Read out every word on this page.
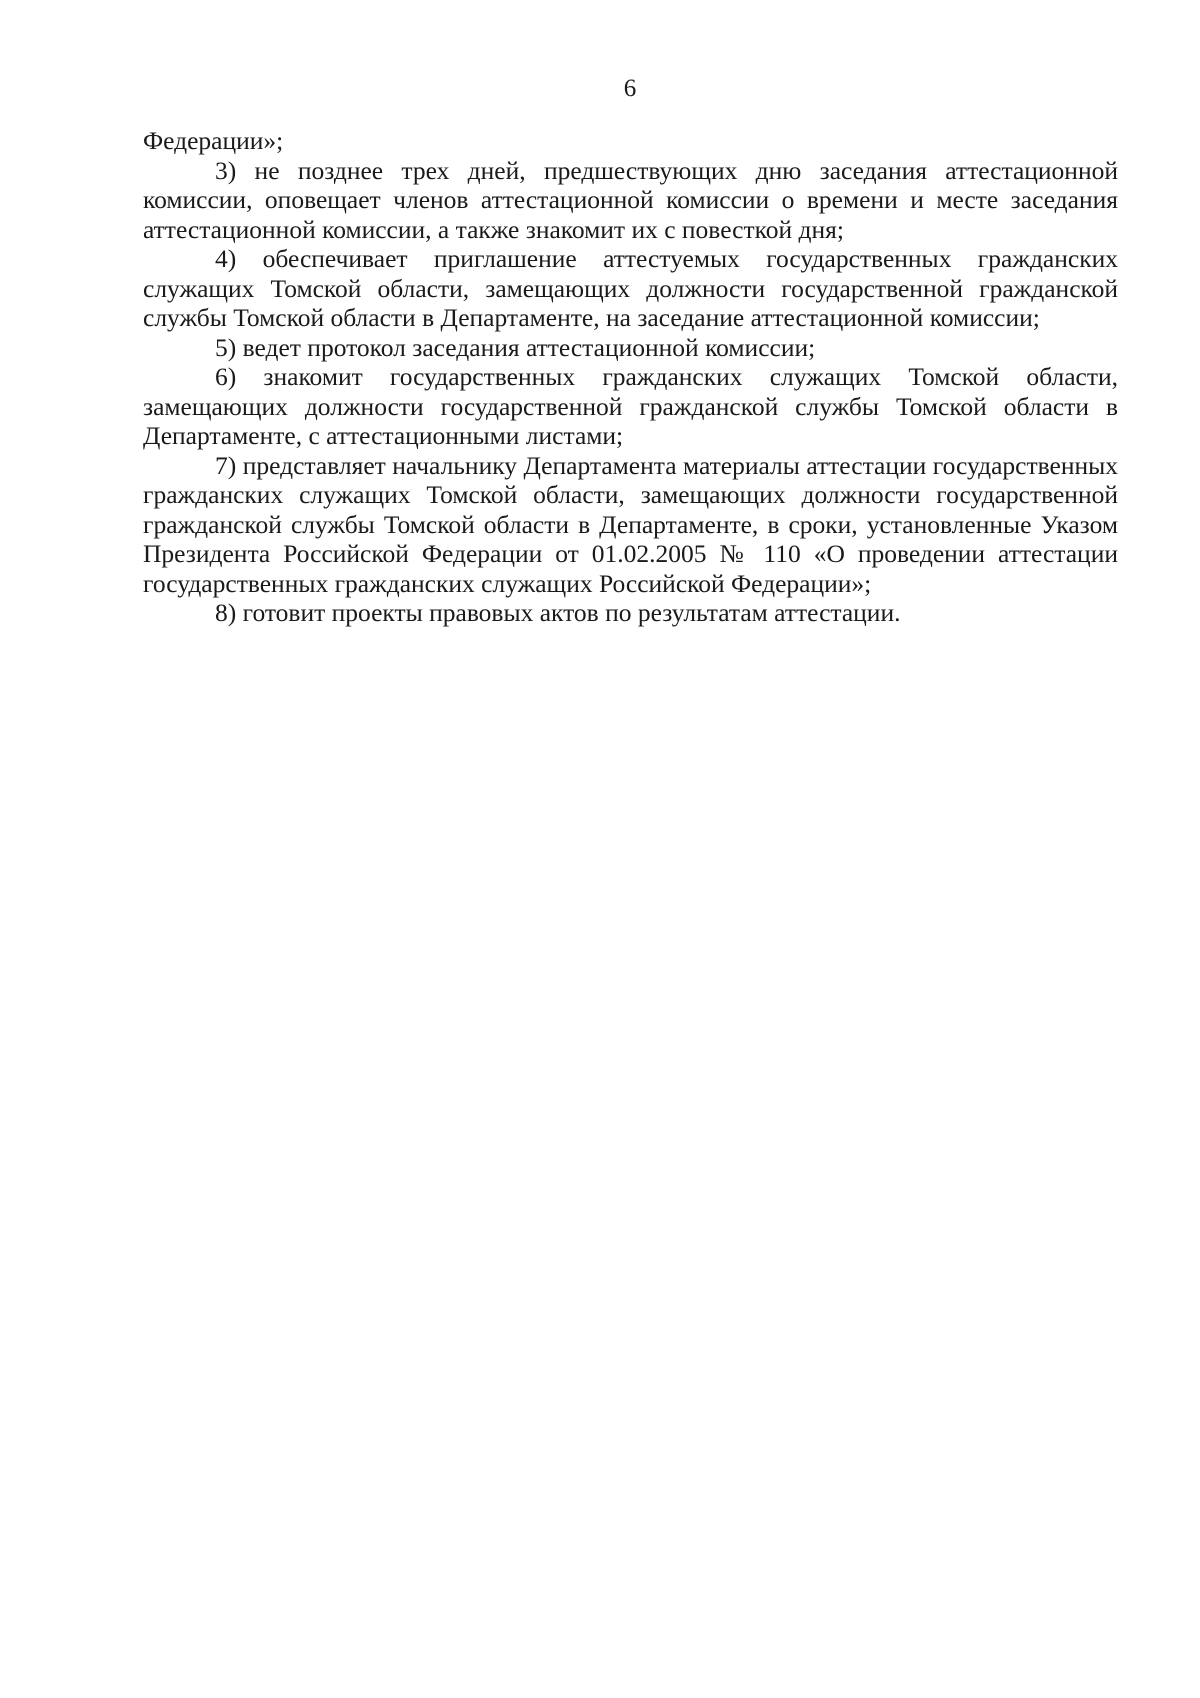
6

Федерации»;

3) не позднее трех дней, предшествующих дню заседания аттестационной комиссии, оповещает членов аттестационной комиссии о времени и месте заседания аттестационной комиссии, а также знакомит их с повесткой дня;

4) обеспечивает приглашение аттестуемых государственных гражданских служащих Томской области, замещающих должности государственной гражданской службы Томской области в Департаменте, на заседание аттестационной комиссии;

5) ведет протокол заседания аттестационной комиссии;

6) знакомит государственных гражданских служащих Томской области, замещающих должности государственной гражданской службы Томской области в Департаменте, с аттестационными листами;

7) представляет начальнику Департамента материалы аттестации государственных гражданских служащих Томской области, замещающих должности государственной гражданской службы Томской области в Департаменте, в сроки, установленные Указом Президента Российской Федерации от 01.02.2005 № 110 «О проведении аттестации государственных гражданских служащих Российской Федерации»;

8) готовит проекты правовых актов по результатам аттестации.
